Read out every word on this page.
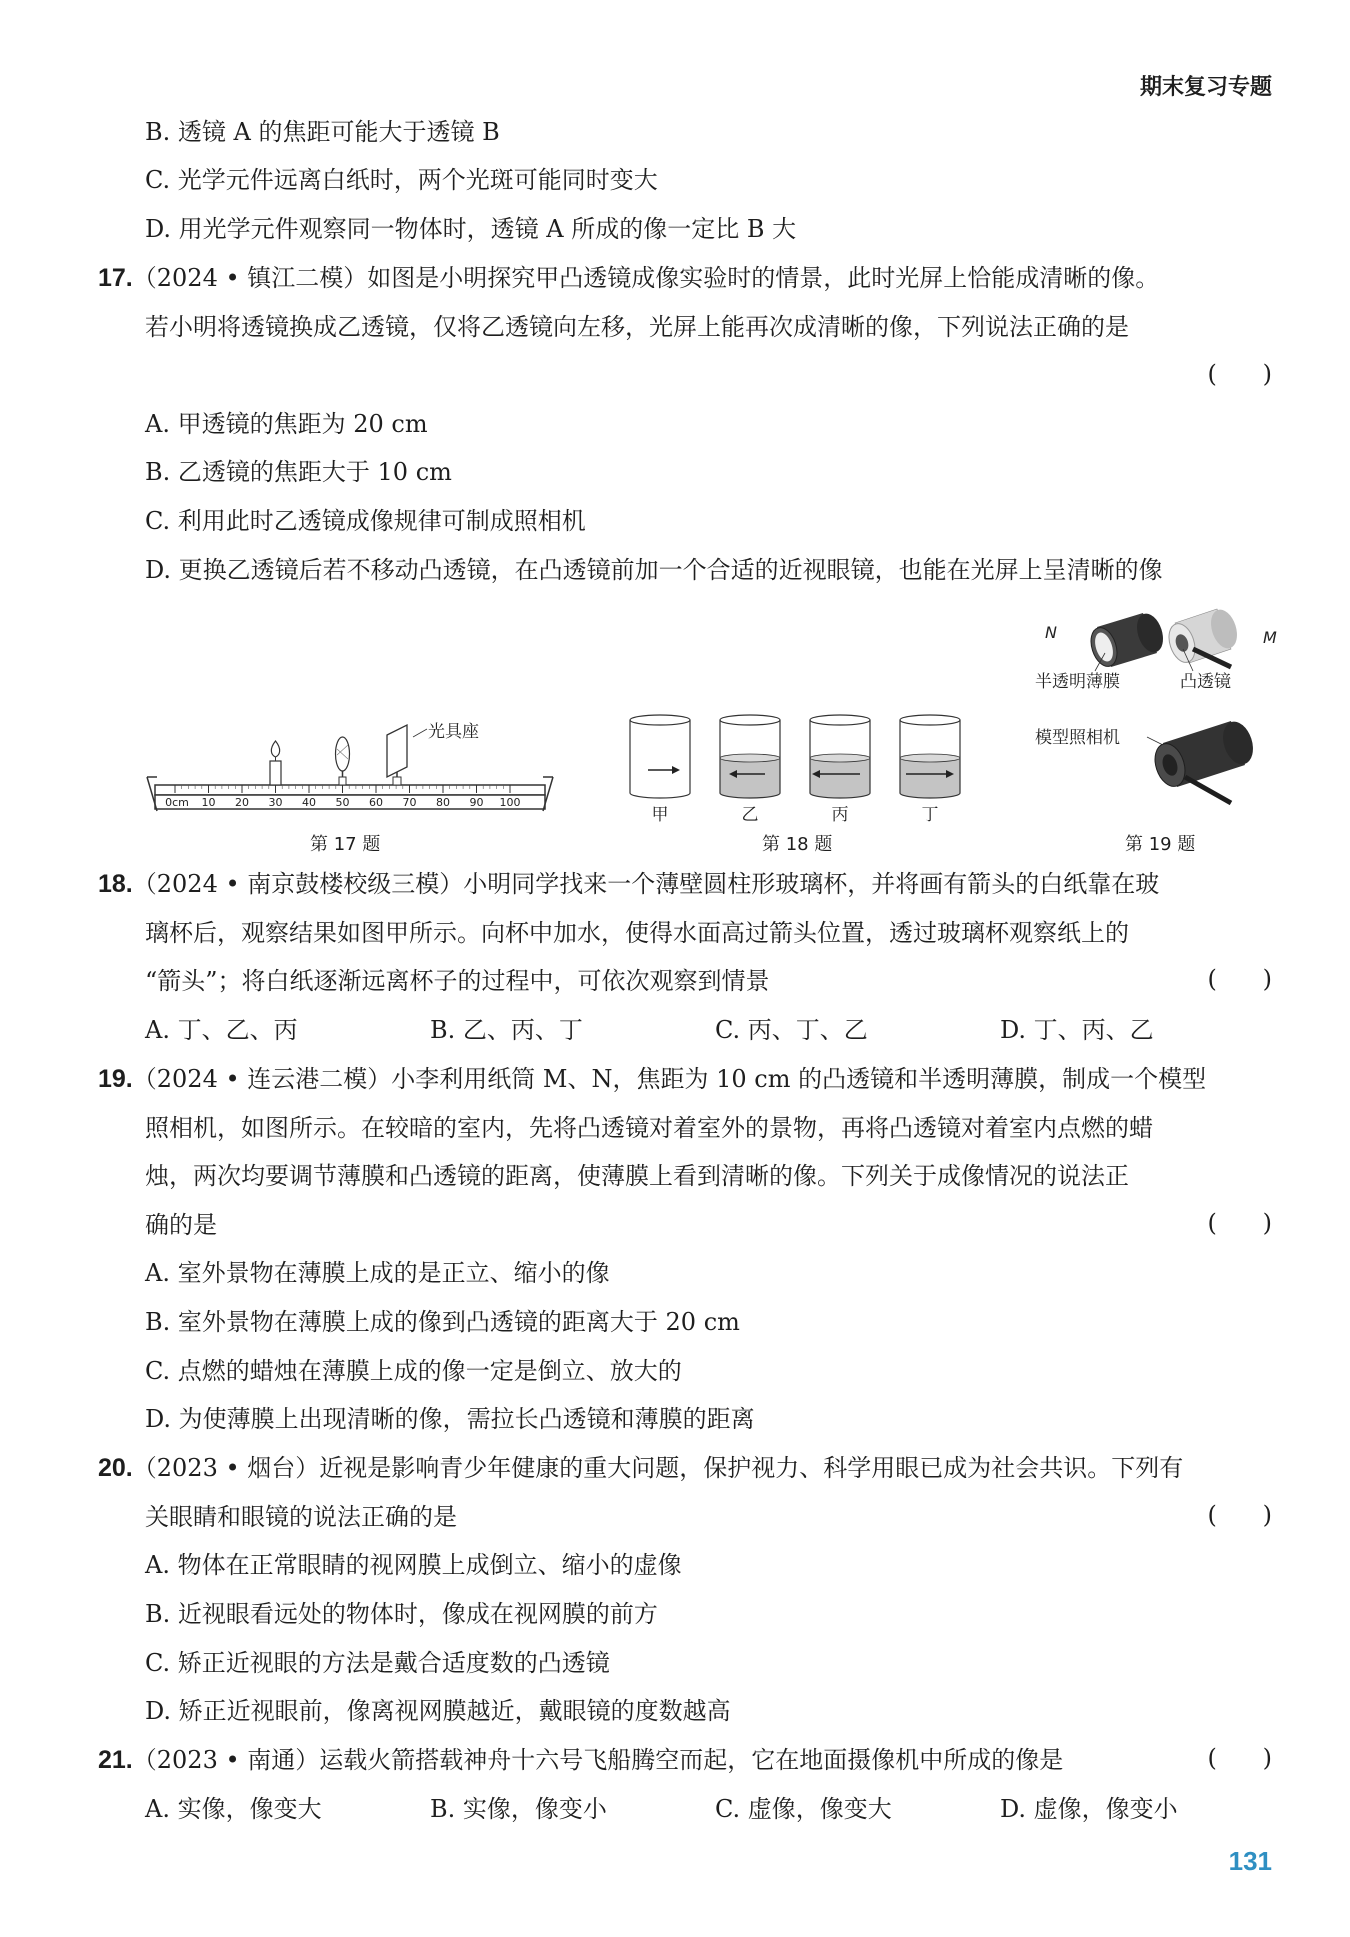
期末复习专题
B. 透镜 A 的焦距可能大于透镜 B
C. 光学元件远离白纸时，两个光斑可能同时变大
D. 用光学元件观察同一物体时，透镜 A 所成的像一定比 B 大
17.（2024 • 镇江二模）如图是小明探究甲凸透镜成像实验时的情景，此时光屏上恰能成清晰的像。
若小明将透镜换成乙透镜，仅将乙透镜向左移，光屏上能再次成清晰的像，下列说法正确的是
(      )
A. 甲透镜的焦距为 20 cm
B. 乙透镜的焦距大于 10 cm
C. 利用此时乙透镜成像规律可制成照相机
D. 更换乙透镜后若不移动凸透镜，在凸透镜前加一个合适的近视眼镜，也能在光屏上呈清晰的像
0cm 10 20 30 40 50 60 70 80 90 100
光具座
第 17 题
甲	乙	丙	丁
第 18 题
N	M
半透明薄膜	凸透镜
模型照相机
第 19 题
18.（2024 • 南京鼓楼校级三模）小明同学找来一个薄壁圆柱形玻璃杯，并将画有箭头的白纸靠在玻
璃杯后，观察结果如图甲所示。向杯中加水，使得水面高过箭头位置，透过玻璃杯观察纸上的
“箭头”；将白纸逐渐远离杯子的过程中，可依次观察到情景	(      )
A. 丁、乙、丙	B. 乙、丙、丁	C. 丙、丁、乙	D. 丁、丙、乙
19.（2024 • 连云港二模）小李利用纸筒 M、N，焦距为 10 cm 的凸透镜和半透明薄膜，制成一个模型
照相机，如图所示。在较暗的室内，先将凸透镜对着室外的景物，再将凸透镜对着室内点燃的蜡
烛，两次均要调节薄膜和凸透镜的距离，使薄膜上看到清晰的像。下列关于成像情况的说法正
确的是	(      )
A. 室外景物在薄膜上成的是正立、缩小的像
B. 室外景物在薄膜上成的像到凸透镜的距离大于 20 cm
C. 点燃的蜡烛在薄膜上成的像一定是倒立、放大的
D. 为使薄膜上出现清晰的像，需拉长凸透镜和薄膜的距离
20.（2023 • 烟台）近视是影响青少年健康的重大问题，保护视力、科学用眼已成为社会共识。下列有
关眼睛和眼镜的说法正确的是	(      )
A. 物体在正常眼睛的视网膜上成倒立、缩小的虚像
B. 近视眼看远处的物体时，像成在视网膜的前方
C. 矫正近视眼的方法是戴合适度数的凸透镜
D. 矫正近视眼前，像离视网膜越近，戴眼镜的度数越高
21.（2023 • 南通）运载火箭搭载神舟十六号飞船腾空而起，它在地面摄像机中所成的像是	(      )
A. 实像，像变大	B. 实像，像变小	C. 虚像，像变大	D. 虚像，像变小
131
